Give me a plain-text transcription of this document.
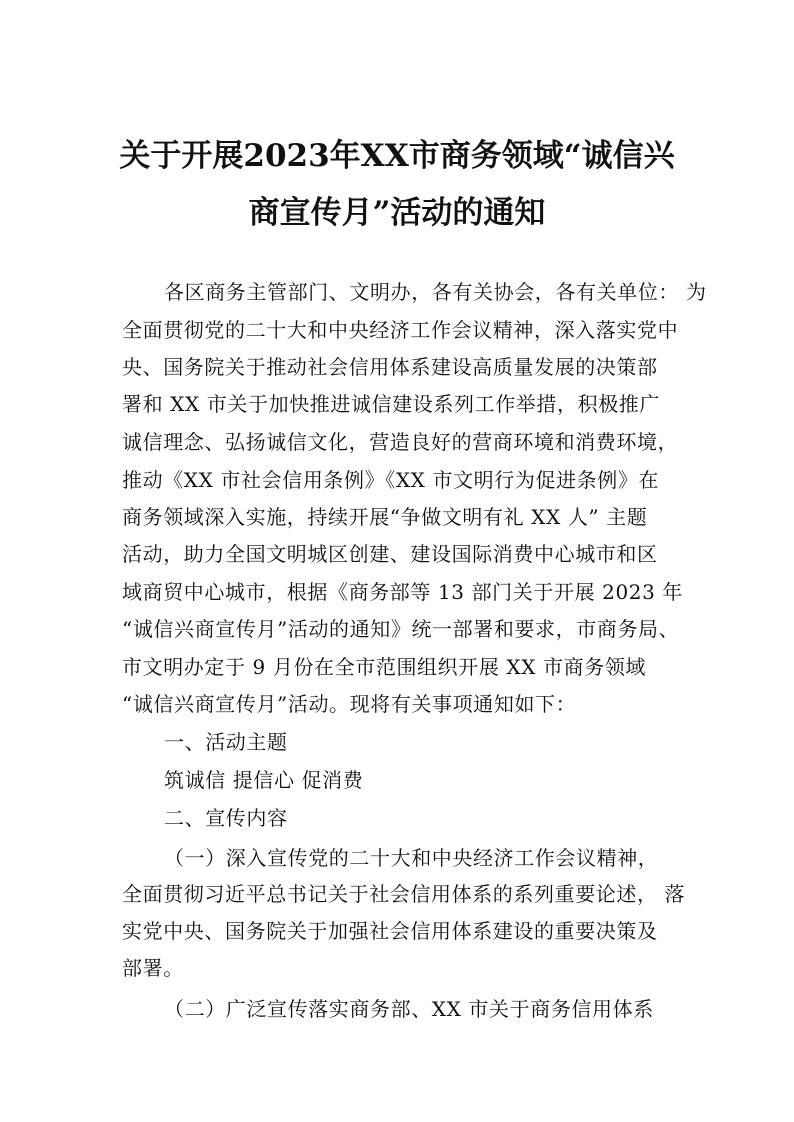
关于开展2023年XX市商务领域“诚信兴
商宣传月”活动的通知
各区商务主管部门、文明办，各有关协会，各有关单位： 为
全面贯彻党的二十大和中央经济工作会议精神，深入落实党中
央、国务院关于推动社会信用体系建设高质量发展的决策部
署和 XX 市关于加快推进诚信建设系列工作举措，积极推广
诚信理念、弘扬诚信文化，营造良好的营商环境和消费环境，
推动《XX 市社会信用条例》《XX 市文明行为促进条例》在
商务领域深入实施，持续开展“争做文明有礼 XX 人” 主题
活动，助力全国文明城区创建、建设国际消费中心城市和区
域商贸中心城市，根据《商务部等 13 部门关于开展 2023 年
“诚信兴商宣传月”活动的通知》统一部署和要求，市商务局、
市文明办定于 9 月份在全市范围组织开展 XX 市商务领域
“诚信兴商宣传月”活动。现将有关事项通知如下：
一、活动主题
筑诚信 提信心 促消费
二、宣传内容
（一）深入宣传党的二十大和中央经济工作会议精神，
全面贯彻习近平总书记关于社会信用体系的系列重要论述， 落
实党中央、国务院关于加强社会信用体系建设的重要决策及
部署。
（二）广泛宣传落实商务部、XX 市关于商务信用体系
